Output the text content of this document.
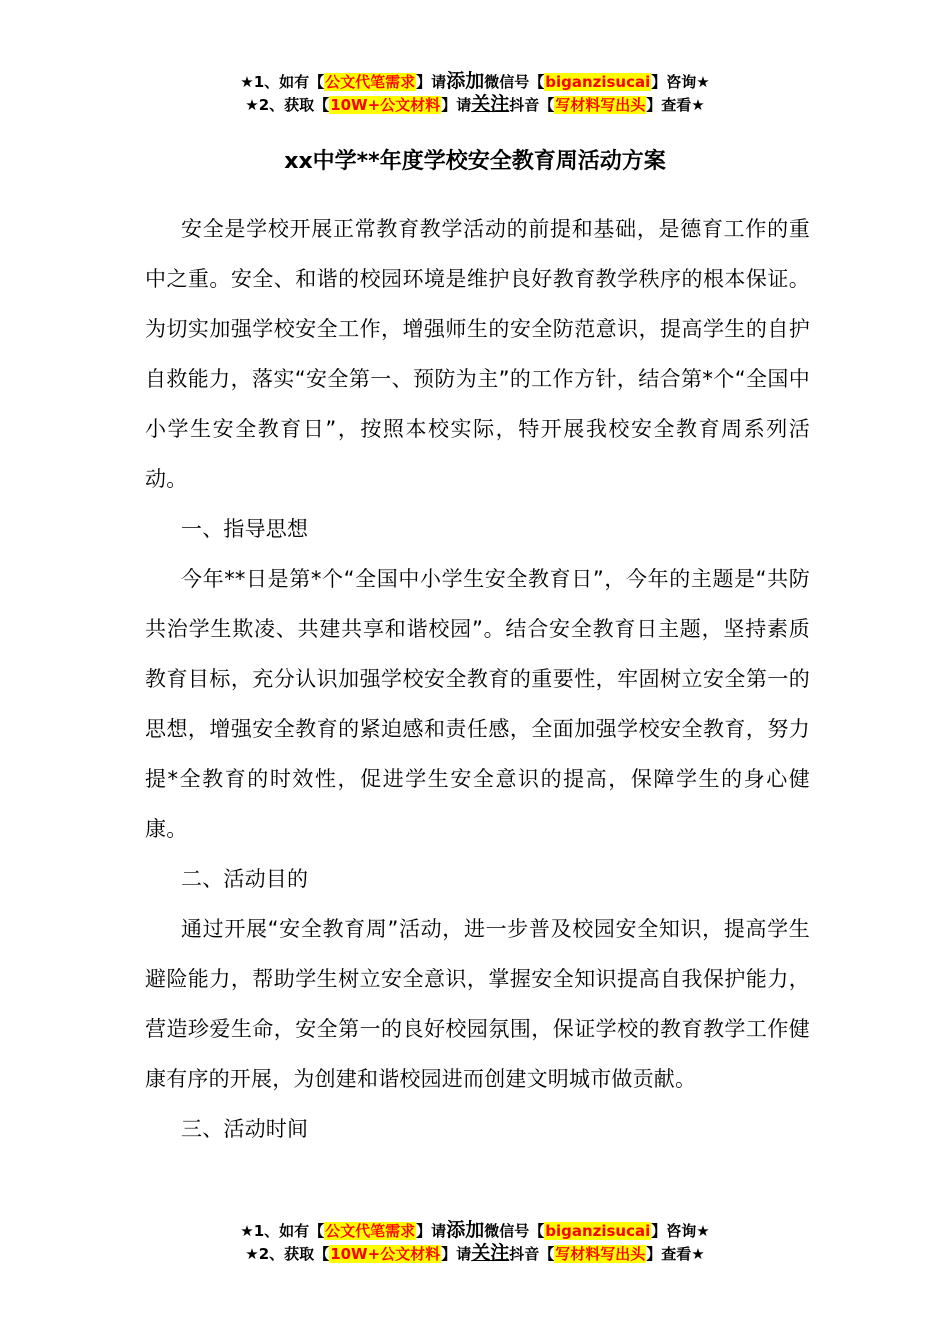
★1、如有【公文代笔需求】请添加微信号【biganzisucai】咨询★
★2、获取【10W+公文材料】请关注抖音【写材料写出头】查看★
xx中学**年度学校安全教育周活动方案

安全是学校开展正常教育教学活动的前提和基础，是德育工作的重中之重。安全、和谐的校园环境是维护良好教育教学秩序的根本保证。为切实加强学校安全工作，增强师生的安全防范意识，提高学生的自护自救能力，落实“安全第一、预防为主”的工作方针，结合第*个“全国中小学生安全教育日”，按照本校实际，特开展我校安全教育周系列活动。

一、指导思想

今年**日是第*个“全国中小学生安全教育日”，今年的主题是“共防共治学生欺凌、共建共享和谐校园”。结合安全教育日主题，坚持素质教育目标，充分认识加强学校安全教育的重要性，牢固树立安全第一的思想，增强安全教育的紧迫感和责任感，全面加强学校安全教育，努力提*全教育的时效性，促进学生安全意识的提高，保障学生的身心健康。

二、活动目的

通过开展“安全教育周”活动，进一步普及校园安全知识，提高学生避险能力，帮助学生树立安全意识，掌握安全知识提高自我保护能力，营造珍爱生命，安全第一的良好校园氛围，保证学校的教育教学工作健康有序的开展，为创建和谐校园进而创建文明城市做贡献。

三、活动时间

★1、如有【公文代笔需求】请添加微信号【biganzisucai】咨询★
★2、获取【10W+公文材料】请关注抖音【写材料写出头】查看★
